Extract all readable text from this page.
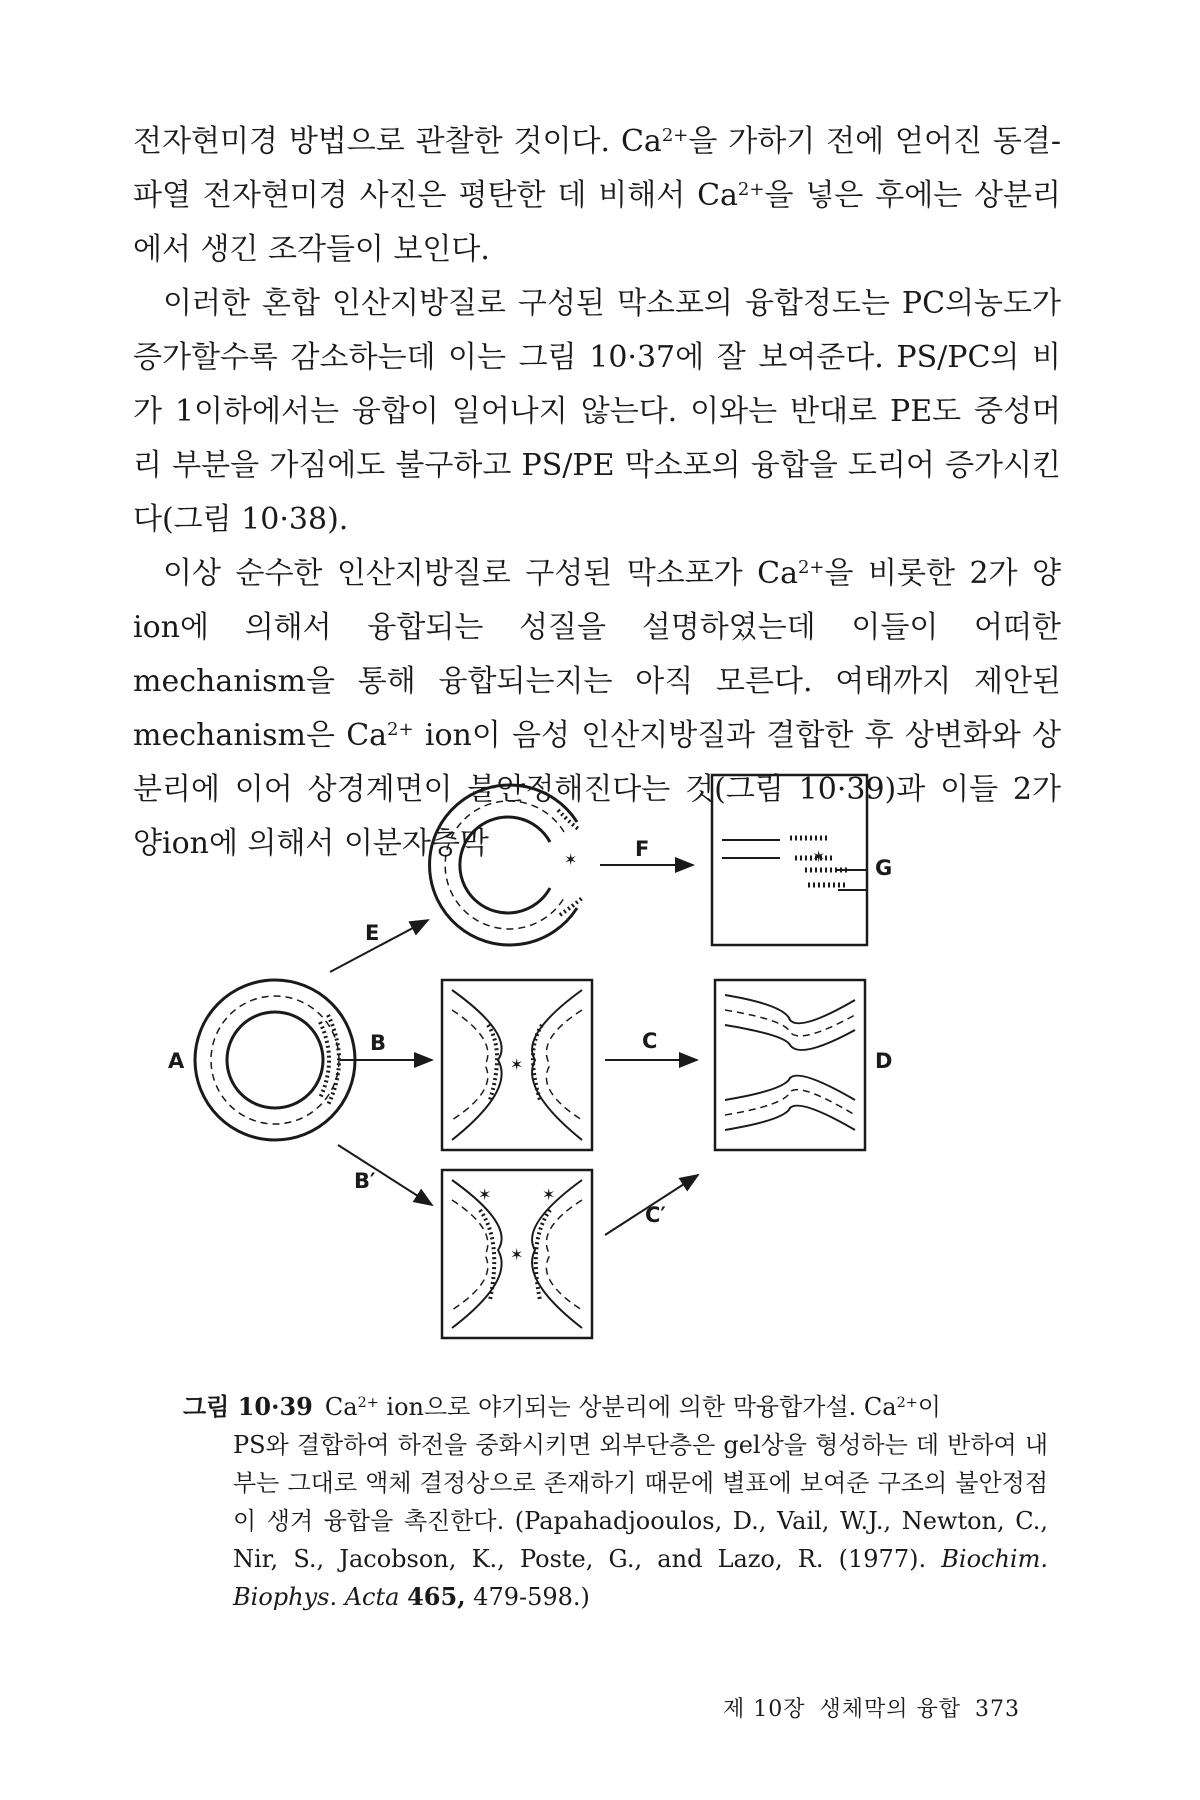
전자현미경 방법으로 관찰한 것이다. $Ca^{2+}$을 가하기 전에 얻어진 동결-파열 전자현미경 사진은 평탄한 데 비해서 $Ca^{2+}$을 넣은 후에는 상분리에서 생긴 조각들이 보인다.

이러한 혼합 인산지방질로 구성된 막소포의 융합정도는 PC의농도가 증가할수록 감소하는데 이는 그림 10·37에 잘 보여준다. PS/PC의 비가 1이하에서는 융합이 일어나지 않는다. 이와는 반대로 PE도 중성머리 부분을 가짐에도 불구하고 PS/PE 막소포의 융합을 도리어 증가시킨다(그림 10·38).

이상 순수한 인산지방질로 구성된 막소포가 $Ca^{2+}$을 비롯한 2가 양ion에 의해서 융합되는 성질을 설명하였는데 이들이 어떠한 mechanism을 통해 융합되는지는 아직 모른다. 여태까지 제안된 mechanism은 $Ca^{2+}$ ion이 음성 인산지방질과 결합한 후 상변화와 상분리에 이어 상경계면이 불안정해진다는 것(그림 10·39)과 이들 2가 양ion에 의해서 이분자층막

✶
✶	✶
✶
✶	✶
A
B
B′
C
C′
D
E
F
G
그림 10·39 $Ca^{2+}$ ion으로 야기되는 상분리에 의한 막융합가설. $Ca^{2+}$이
PS와 결합하여 하전을 중화시키면 외부단층은 gel상을 형성하는 데 반하여 내부는 그대로 액체 결정상으로 존재하기 때문에 별표에 보여준 구조의 불안정점이 생겨 융합을 촉진한다. (Papahadjooulos, D., Vail, W.J., Newton, C., Nir, S., Jacobson, K., Poste, G., and Lazo, R. (1977). Biochim. Biophys. Acta 465, 479-598.)
제 10장 생체막의 융합 373
